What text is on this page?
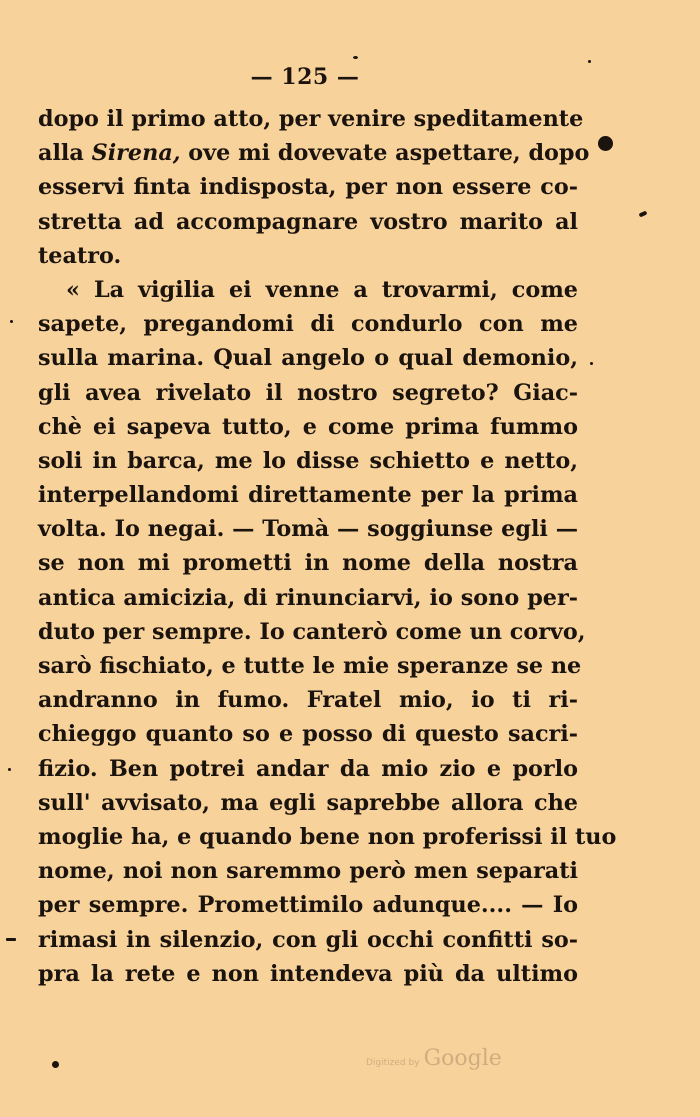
— 125 —
dopo il primo atto, per venire speditamente
alla Sirena, ove mi dovevate aspettare, dopo
esservi finta indisposta, per non essere co-
stretta ad accompagnare vostro marito al
teatro.
« La vigilia ei venne a trovarmi, come
sapete, pregandomi di condurlo con me
sulla marina. Qual angelo o qual demonio,
gli avea rivelato il nostro segreto? Giac-
chè ei sapeva tutto, e come prima fummo
soli in barca, me lo disse schietto e netto,
interpellandomi direttamente per la prima
volta. Io negai. — Tomà — soggiunse egli —
se non mi prometti in nome della nostra
antica amicizia, di rinunciarvi, io sono per-
duto per sempre. Io canterò come un corvo,
sarò fischiato, e tutte le mie speranze se ne
andranno in fumo. Fratel mio, io ti ri-
chieggo quanto so e posso di questo sacri-
fizio. Ben potrei andar da mio zio e porlo
sull' avvisato, ma egli saprebbe allora che
moglie ha, e quando bene non proferissi il tuo
nome, noi non saremmo però men separati
per sempre. Promettimilo adunque.... — Io
rimasi in silenzio, con gli occhi confitti so-
pra la rete e non intendeva più da ultimo
Digitized by Google
